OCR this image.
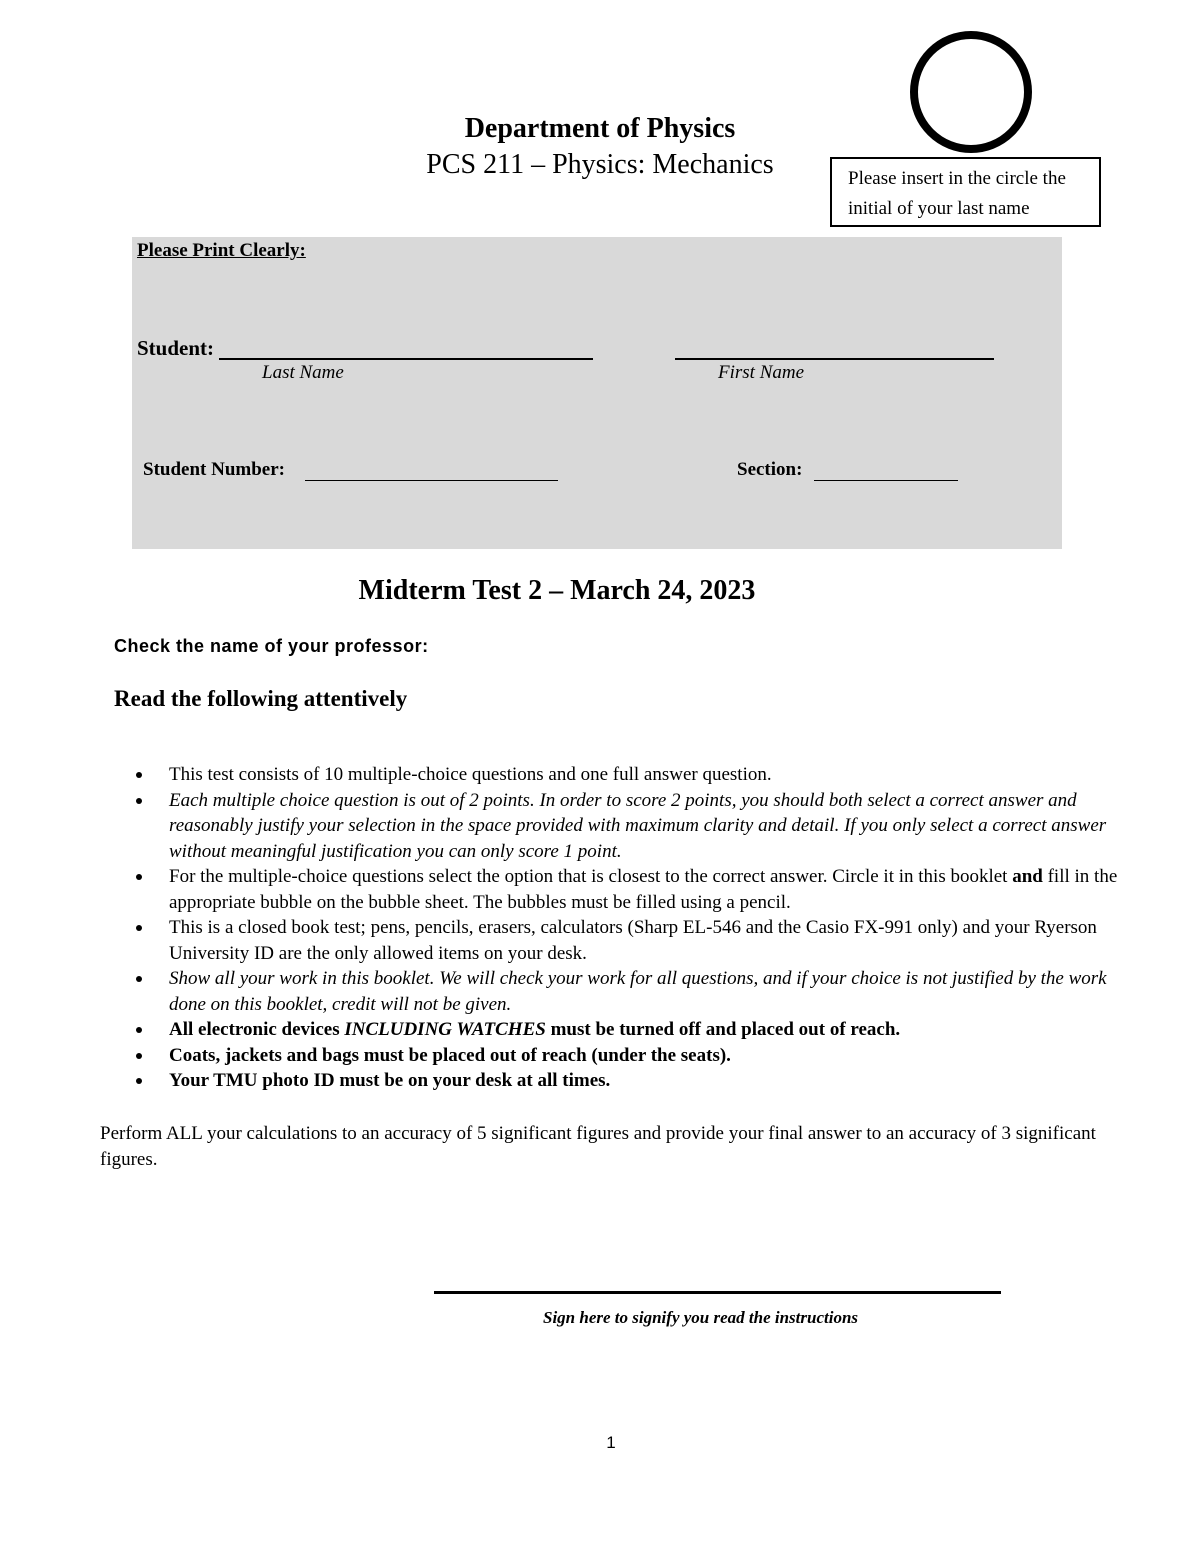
Please insert in the circle the initial of your last name
Department of Physics
PCS 211 – Physics: Mechanics
Please Print Clearly:
Student:
Last Name	First Name
Student Number:	Section:
Midterm Test 2 – March 24, 2023
Check the name of your professor:
Read the following attentively
This test consists of 10 multiple-choice questions and one full answer question.
Each multiple choice question is out of 2 points. In order to score 2 points, you should both select a correct answer and reasonably justify your selection in the space provided with maximum clarity and detail. If you only select a correct answer without meaningful justification you can only score 1 point.
For the multiple-choice questions select the option that is closest to the correct answer. Circle it in this booklet and fill in the appropriate bubble on the bubble sheet. The bubbles must be filled using a pencil.
This is a closed book test; pens, pencils, erasers, calculators (Sharp EL-546 and the Casio FX-991 only) and your Ryerson University ID are the only allowed items on your desk.
Show all your work in this booklet. We will check your work for all questions, and if your choice is not justified by the work done on this booklet, credit will not be given.
All electronic devices INCLUDING WATCHES must be turned off and placed out of reach.
Coats, jackets and bags must be placed out of reach (under the seats).
Your TMU photo ID must be on your desk at all times.
Perform ALL your calculations to an accuracy of 5 significant figures and provide your final answer to an accuracy of 3 significant figures.
Sign here to signify you read the instructions
1
